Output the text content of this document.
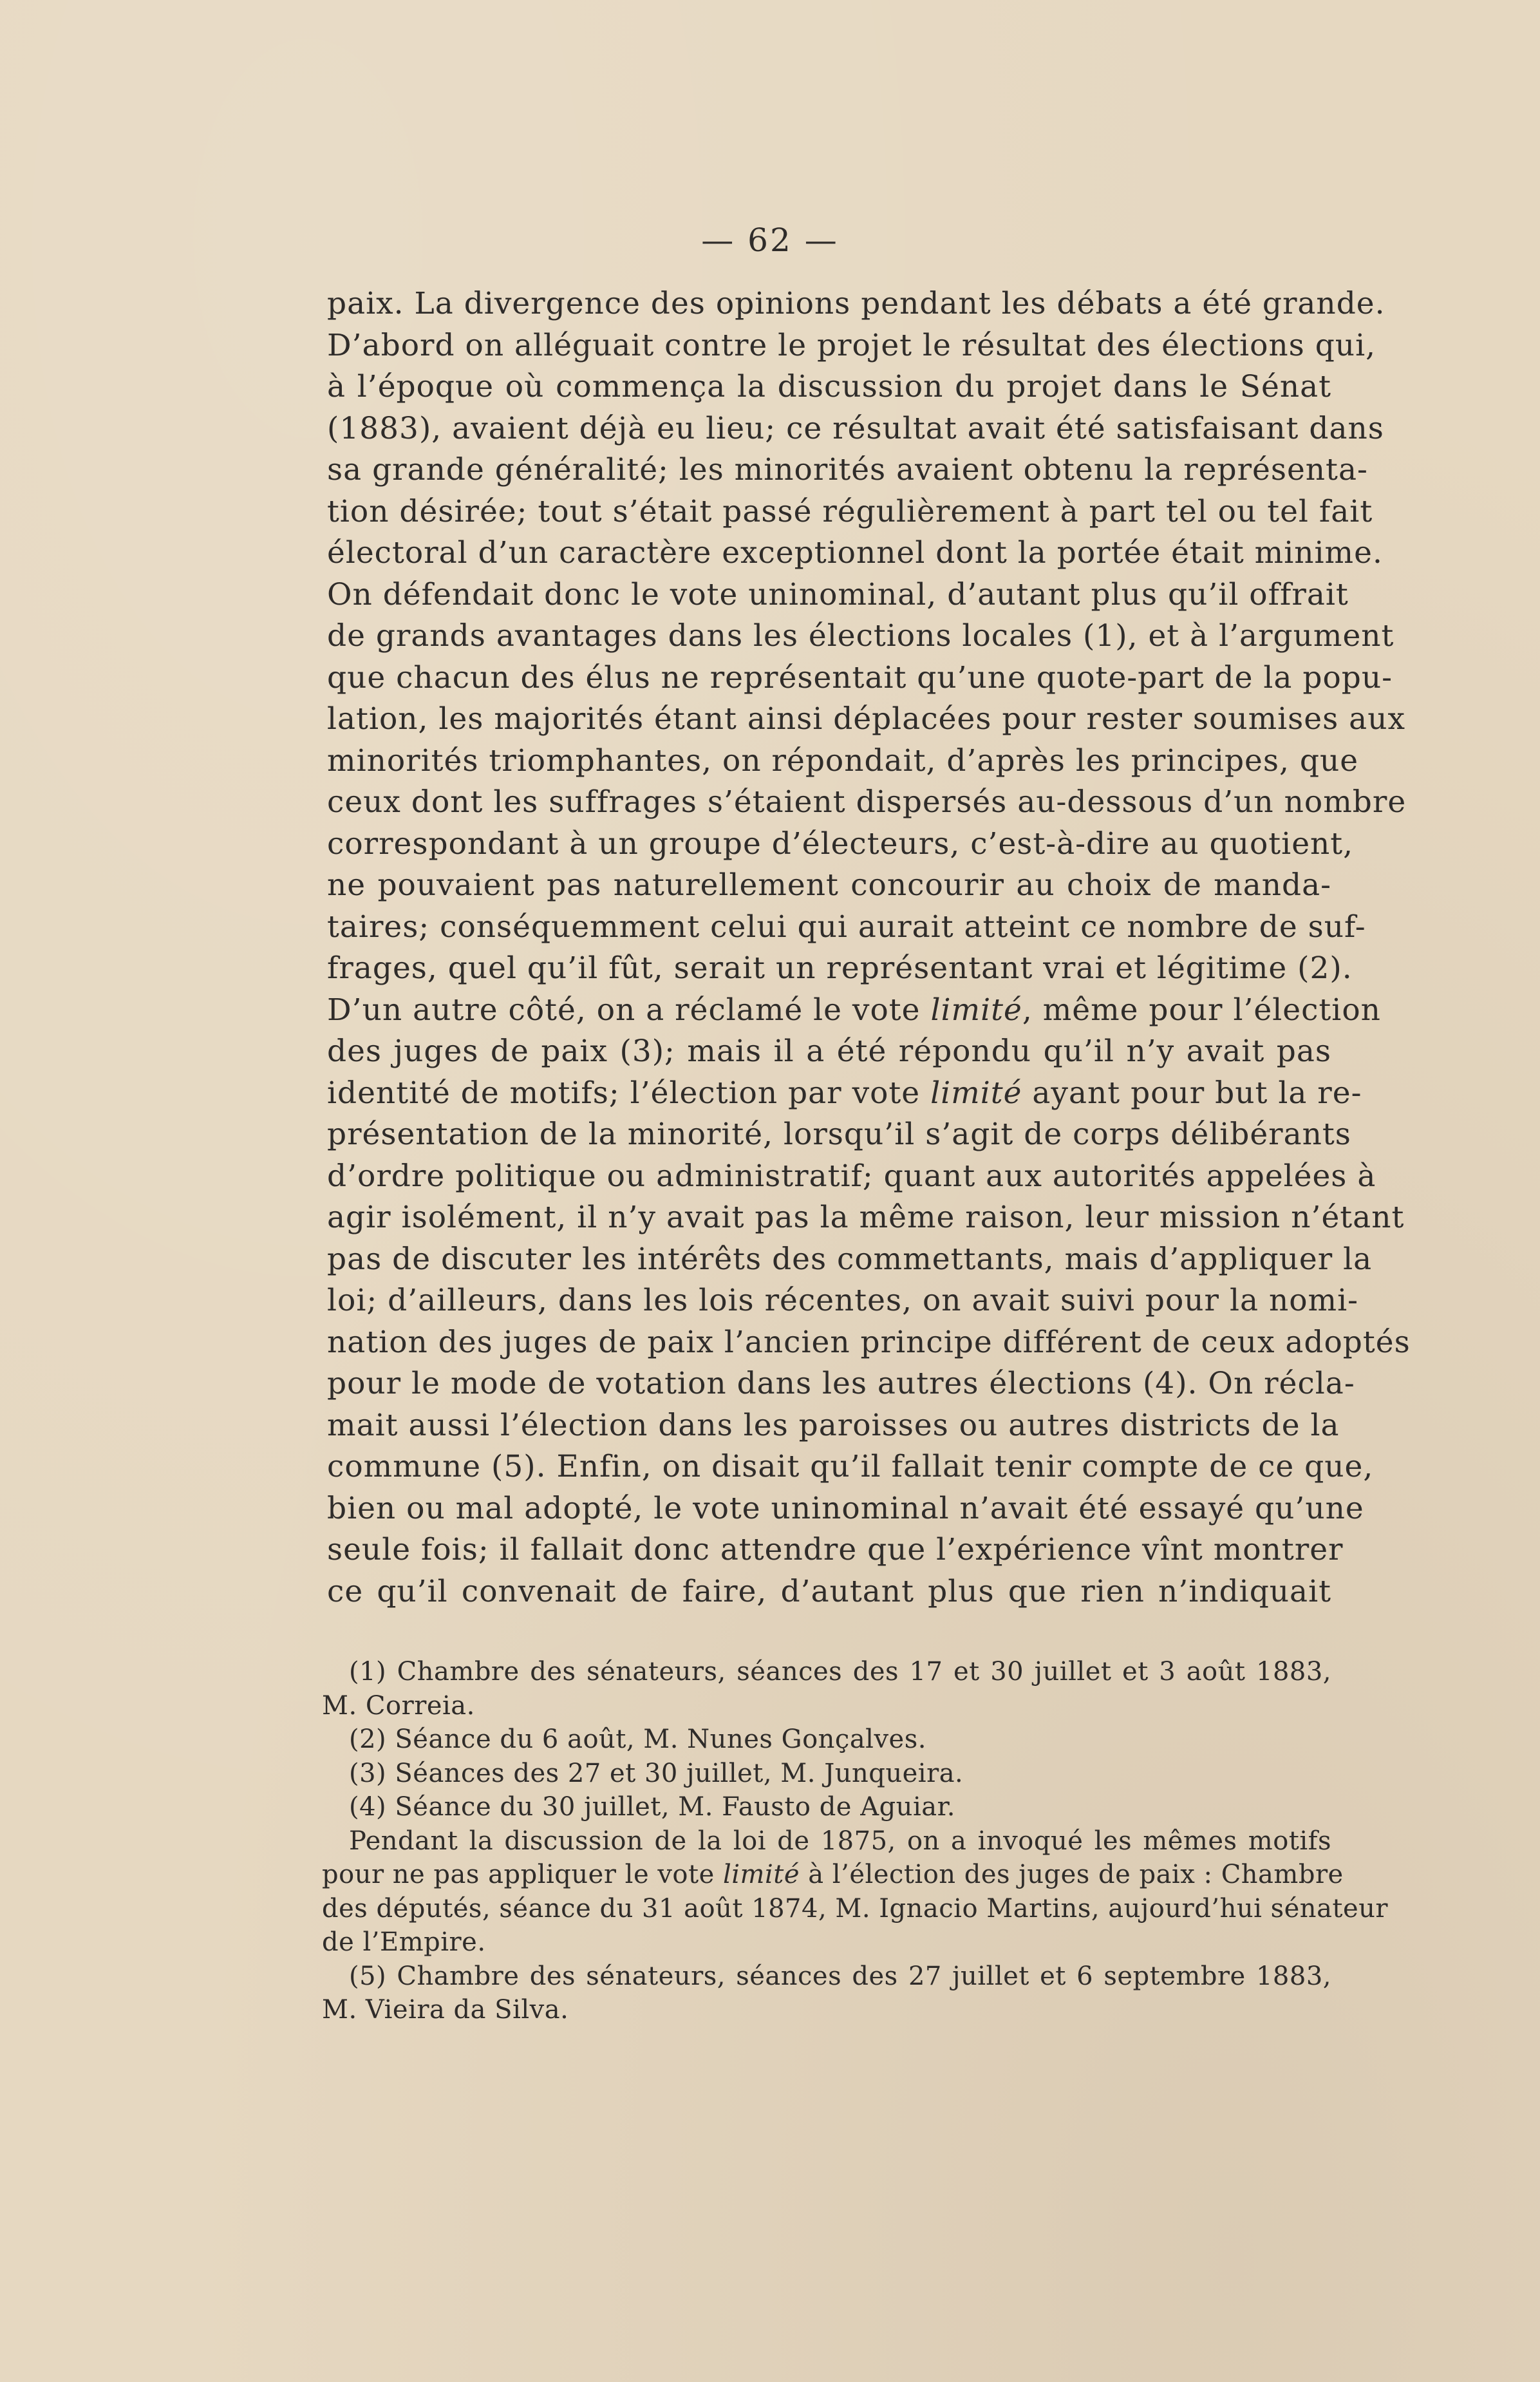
— 62 —
paix. La divergence des opinions pendant les débats a été grande.
D’abord on alléguait contre le projet le résultat des élections qui,
à l’époque où commença la discussion du projet dans le Sénat
(1883), avaient déjà eu lieu; ce résultat avait été satisfaisant dans
sa grande généralité; les minorités avaient obtenu la représenta-
tion désirée; tout s’était passé régulièrement à part tel ou tel fait
électoral d’un caractère exceptionnel dont la portée était minime.
On défendait donc le vote uninominal, d’autant plus qu’il offrait
de grands avantages dans les élections locales (1), et à l’argument
que chacun des élus ne représentait qu’une quote-part de la popu-
lation, les majorités étant ainsi déplacées pour rester soumises aux
minorités triomphantes, on répondait, d’après les principes, que
ceux dont les suffrages s’étaient dispersés au-dessous d’un nombre
correspondant à un groupe d’électeurs, c’est-à-dire au quotient,
ne pouvaient pas naturellement concourir au choix de manda-
taires; conséquemment celui qui aurait atteint ce nombre de suf-
frages, quel qu’il fût, serait un représentant vrai et légitime (2).
D’un autre côté, on a réclamé le vote limité, même pour l’élection
des juges de paix (3); mais il a été répondu qu’il n’y avait pas
identité de motifs; l’élection par vote limité ayant pour but la re-
présentation de la minorité, lorsqu’il s’agit de corps délibérants
d’ordre politique ou administratif; quant aux autorités appelées à
agir isolément, il n’y avait pas la même raison, leur mission n’étant
pas de discuter les intérêts des commettants, mais d’appliquer la
loi; d’ailleurs, dans les lois récentes, on avait suivi pour la nomi-
nation des juges de paix l’ancien principe différent de ceux adoptés
pour le mode de votation dans les autres élections (4). On récla-
mait aussi l’élection dans les paroisses ou autres districts de la
commune (5). Enfin, on disait qu’il fallait tenir compte de ce que,
bien ou mal adopté, le vote uninominal n’avait été essayé qu’une
seule fois; il fallait donc attendre que l’expérience vînt montrer
ce qu’il convenait de faire, d’autant plus que rien n’indiquait
(1) Chambre des sénateurs, séances des 17 et 30 juillet et 3 août 1883,
M. Correia.
(2) Séance du 6 août, M. Nunes Gonçalves.
(3) Séances des 27 et 30 juillet, M. Junqueira.
(4) Séance du 30 juillet, M. Fausto de Aguiar.
Pendant la discussion de la loi de 1875, on a invoqué les mêmes motifs
pour ne pas appliquer le vote limité à l’élection des juges de paix : Chambre
des députés, séance du 31 août 1874, M. Ignacio Martins, aujourd’hui sénateur
de l’Empire.
(5) Chambre des sénateurs, séances des 27 juillet et 6 septembre 1883,
M. Vieira da Silva.
